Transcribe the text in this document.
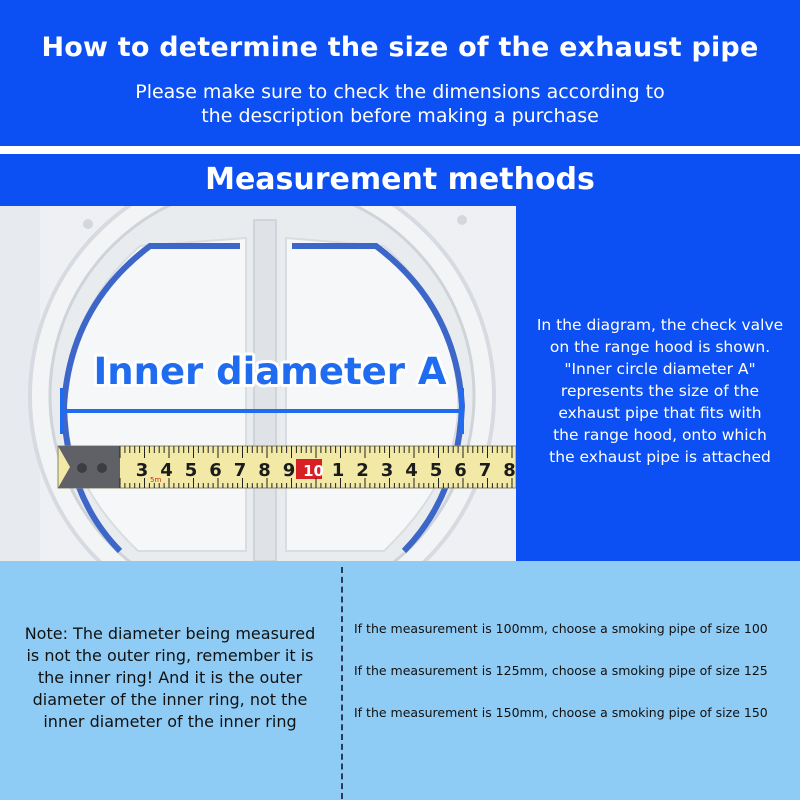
How to determine the size of the exhaust pipe
Please make sure to check the dimensions according to
the description before making a purchase
Measurement methods
Inner diameter A
3 4 5 6 7 8 9 10 1 2 3 4 5 6 7 8
5m
In the diagram, the check valve
on the range hood is shown.
"Inner circle diameter A"
represents the size of the
exhaust pipe that fits with
the range hood, onto which
the exhaust pipe is attached
Note: The diameter being measured
is not the outer ring, remember it is
the inner ring! And it is the outer
diameter of the inner ring, not the
inner diameter of the inner ring
If the measurement is 100mm, choose a smoking pipe of size 100
If the measurement is 125mm, choose a smoking pipe of size 125
If the measurement is 150mm, choose a smoking pipe of size 150
